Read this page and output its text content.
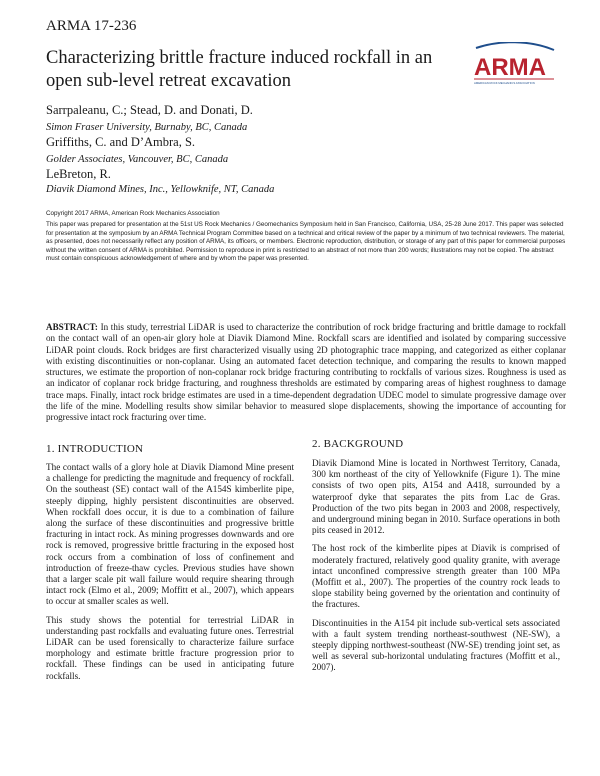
ARMA 17-236
Characterizing brittle fracture induced rockfall in an open sub-level retreat excavation	ARMA
AMERICAN ROCK MECHANICS ASSOCIATION
Sarrpaleanu, C.; Stead, D. and Donati, D.
Simon Fraser University, Burnaby, BC, Canada
Griffiths, C. and D’Ambra, S.
Golder Associates, Vancouver, BC, Canada
LeBreton, R.
Diavik Diamond Mines, Inc., Yellowknife, NT, Canada
Copyright 2017 ARMA, American Rock Mechanics Association
This paper was prepared for presentation at the 51st US Rock Mechanics / Geomechanics Symposium held in San Francisco, California, USA, 25-28 June 2017. This paper was selected for presentation at the symposium by an ARMA Technical Program Committee based on a technical and critical review of the paper by a minimum of two technical reviewers. The material, as presented, does not necessarily reflect any position of ARMA, its officers, or members. Electronic reproduction, distribution, or storage of any part of this paper for commercial purposes without the written consent of ARMA is prohibited. Permission to reproduce in print is restricted to an abstract of not more than 200 words; illustrations may not be copied. The abstract must contain conspicuous acknowledgement of where and by whom the paper was presented.
ABSTRACT: In this study, terrestrial LiDAR is used to characterize the contribution of rock bridge fracturing and brittle damage to rockfall on the contact wall of an open-air glory hole at Diavik Diamond Mine. Rockfall scars are identified and isolated by comparing successive LiDAR point clouds. Rock bridges are first characterized visually using 2D photographic trace mapping, and categorized as either coplanar with existing discontinuities or non-coplanar. Using an automated facet detection technique, and comparing the results to known mapped structures, we estimate the proportion of non-coplanar rock bridge fracturing contributing to rockfalls of various sizes. Roughness is used as an indicator of coplanar rock bridge fracturing, and roughness thresholds are estimated by comparing areas of highest roughness to damage trace maps. Finally, intact rock bridge estimates are used in a time-dependent degradation UDEC model to simulate progressive damage over the life of the mine. Modelling results show similar behavior to measured slope displacements, showing the importance of accounting for progressive intact rock fracturing over time.
1. INTRODUCTION

The contact walls of a glory hole at Diavik Diamond Mine present a challenge for predicting the magnitude and frequency of rockfall. On the southeast (SE) contact wall of the A154S kimberlite pipe, steeply dipping, highly persistent discontinuities are observed. When rockfall does occur, it is due to a combination of failure along the surface of these discontinuities and progressive brittle fracturing in intact rock. As mining progresses downwards and ore rock is removed, progressive brittle fracturing in the exposed host rock occurs from a combination of loss of confinement and introduction of freeze-thaw cycles. Previous studies have shown that a larger scale pit wall failure would require shearing through intact rock (Elmo et al., 2009; Moffitt et al., 2007), which appears to occur at smaller scales as well.

This study shows the potential for terrestrial LiDAR in understanding past rockfalls and evaluating future ones. Terrestrial LiDAR can be used forensically to characterize failure surface morphology and estimate brittle fracture progression prior to rockfall. These findings can be used in anticipating future rockfalls.

2. BACKGROUND

Diavik Diamond Mine is located in Northwest Territory, Canada, 300 km northeast of the city of Yellowknife (Figure 1). The mine consists of two open pits, A154 and A418, surrounded by a waterproof dyke that separates the pits from Lac de Gras. Production of the two pits began in 2003 and 2008, respectively, and underground mining began in 2010. Surface operations in both pits ceased in 2012.

The host rock of the kimberlite pipes at Diavik is comprised of moderately fractured, relatively good quality granite, with average intact unconfined compressive strength greater than 100 MPa (Moffitt et al., 2007). The properties of the country rock leads to slope stability being governed by the orientation and continuity of the fractures.

Discontinuities in the A154 pit include sub-vertical sets associated with a fault system trending northeast-southwest (NE-SW), a steeply dipping northwest-southeast (NW-SE) trending joint set, as well as several sub-horizontal undulating fractures (Moffitt et al., 2007).
